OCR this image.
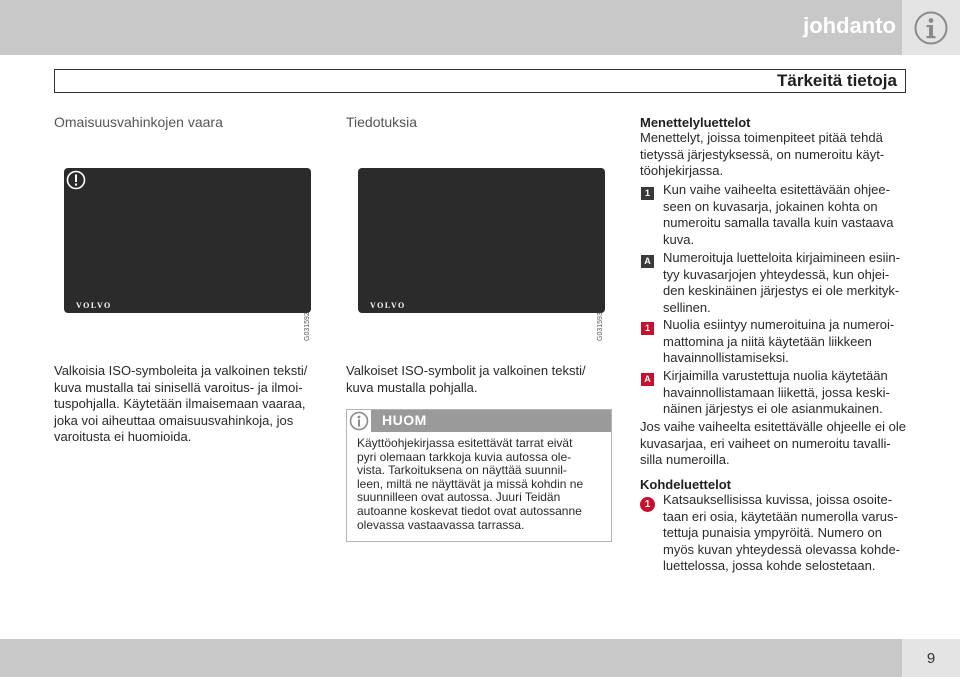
johdanto
Tärkeitä tietoja
Omaisuusvahinkojen vaara
VOLVO
G031592
Valkoisia ISO-symboleita ja valkoinen teksti/
kuva mustalla tai sinisellä varoitus- ja ilmoi-
tuspohjalla. Käytetään ilmaisemaan vaaraa,
joka voi aiheuttaa omaisuusvahinkoja, jos
varoitusta ei huomioida.
Tiedotuksia
VOLVO
G031593
Valkoiset ISO-symbolit ja valkoinen teksti/
kuva mustalla pohjalla.
HUOM
Käyttöohjekirjassa esitettävät tarrat eivät
pyri olemaan tarkkoja kuvia autossa ole-
vista. Tarkoituksena on näyttää suunnil-
leen, miltä ne näyttävät ja missä kohdin ne
suunnilleen ovat autossa. Juuri Teidän
autoanne koskevat tiedot ovat autossanne
olevassa vastaavassa tarrassa.
Menettelyluettelot
Menettelyt, joissa toimenpiteet pitää tehdä
tietyssä järjestyksessä, on numeroitu käyt-
töohjekirjassa.
1	Kun vaihe vaiheelta esitettävään ohjee-
seen on kuvasarja, jokainen kohta on
numeroitu samalla tavalla kuin vastaava
kuva.
A Numeroituja luetteloita kirjaimineen esiin-
tyy kuvasarjojen yhteydessä, kun ohjei-
den keskinäinen järjestys ei ole merkityk-
sellinen.
1	Nuolia esiintyy numeroituina ja numeroi-
mattomina ja niitä käytetään liikkeen
havainnollistamiseksi.
A Kirjaimilla varustettuja nuolia käytetään
havainnollistamaan liikettä, jossa keski-
näinen järjestys ei ole asianmukainen.
Jos vaihe vaiheelta esitettävälle ohjeelle ei ole
kuvasarjaa, eri vaiheet on numeroitu tavalli-
silla numeroilla.
Kohdeluettelot
1 Katsauksellisissa kuvissa, joissa osoite-
taan eri osia, käytetään numerolla varus-
tettuja punaisia ympyröitä. Numero on
myös kuvan yhteydessä olevassa kohde-
luettelossa, jossa kohde selostetaan.
9
